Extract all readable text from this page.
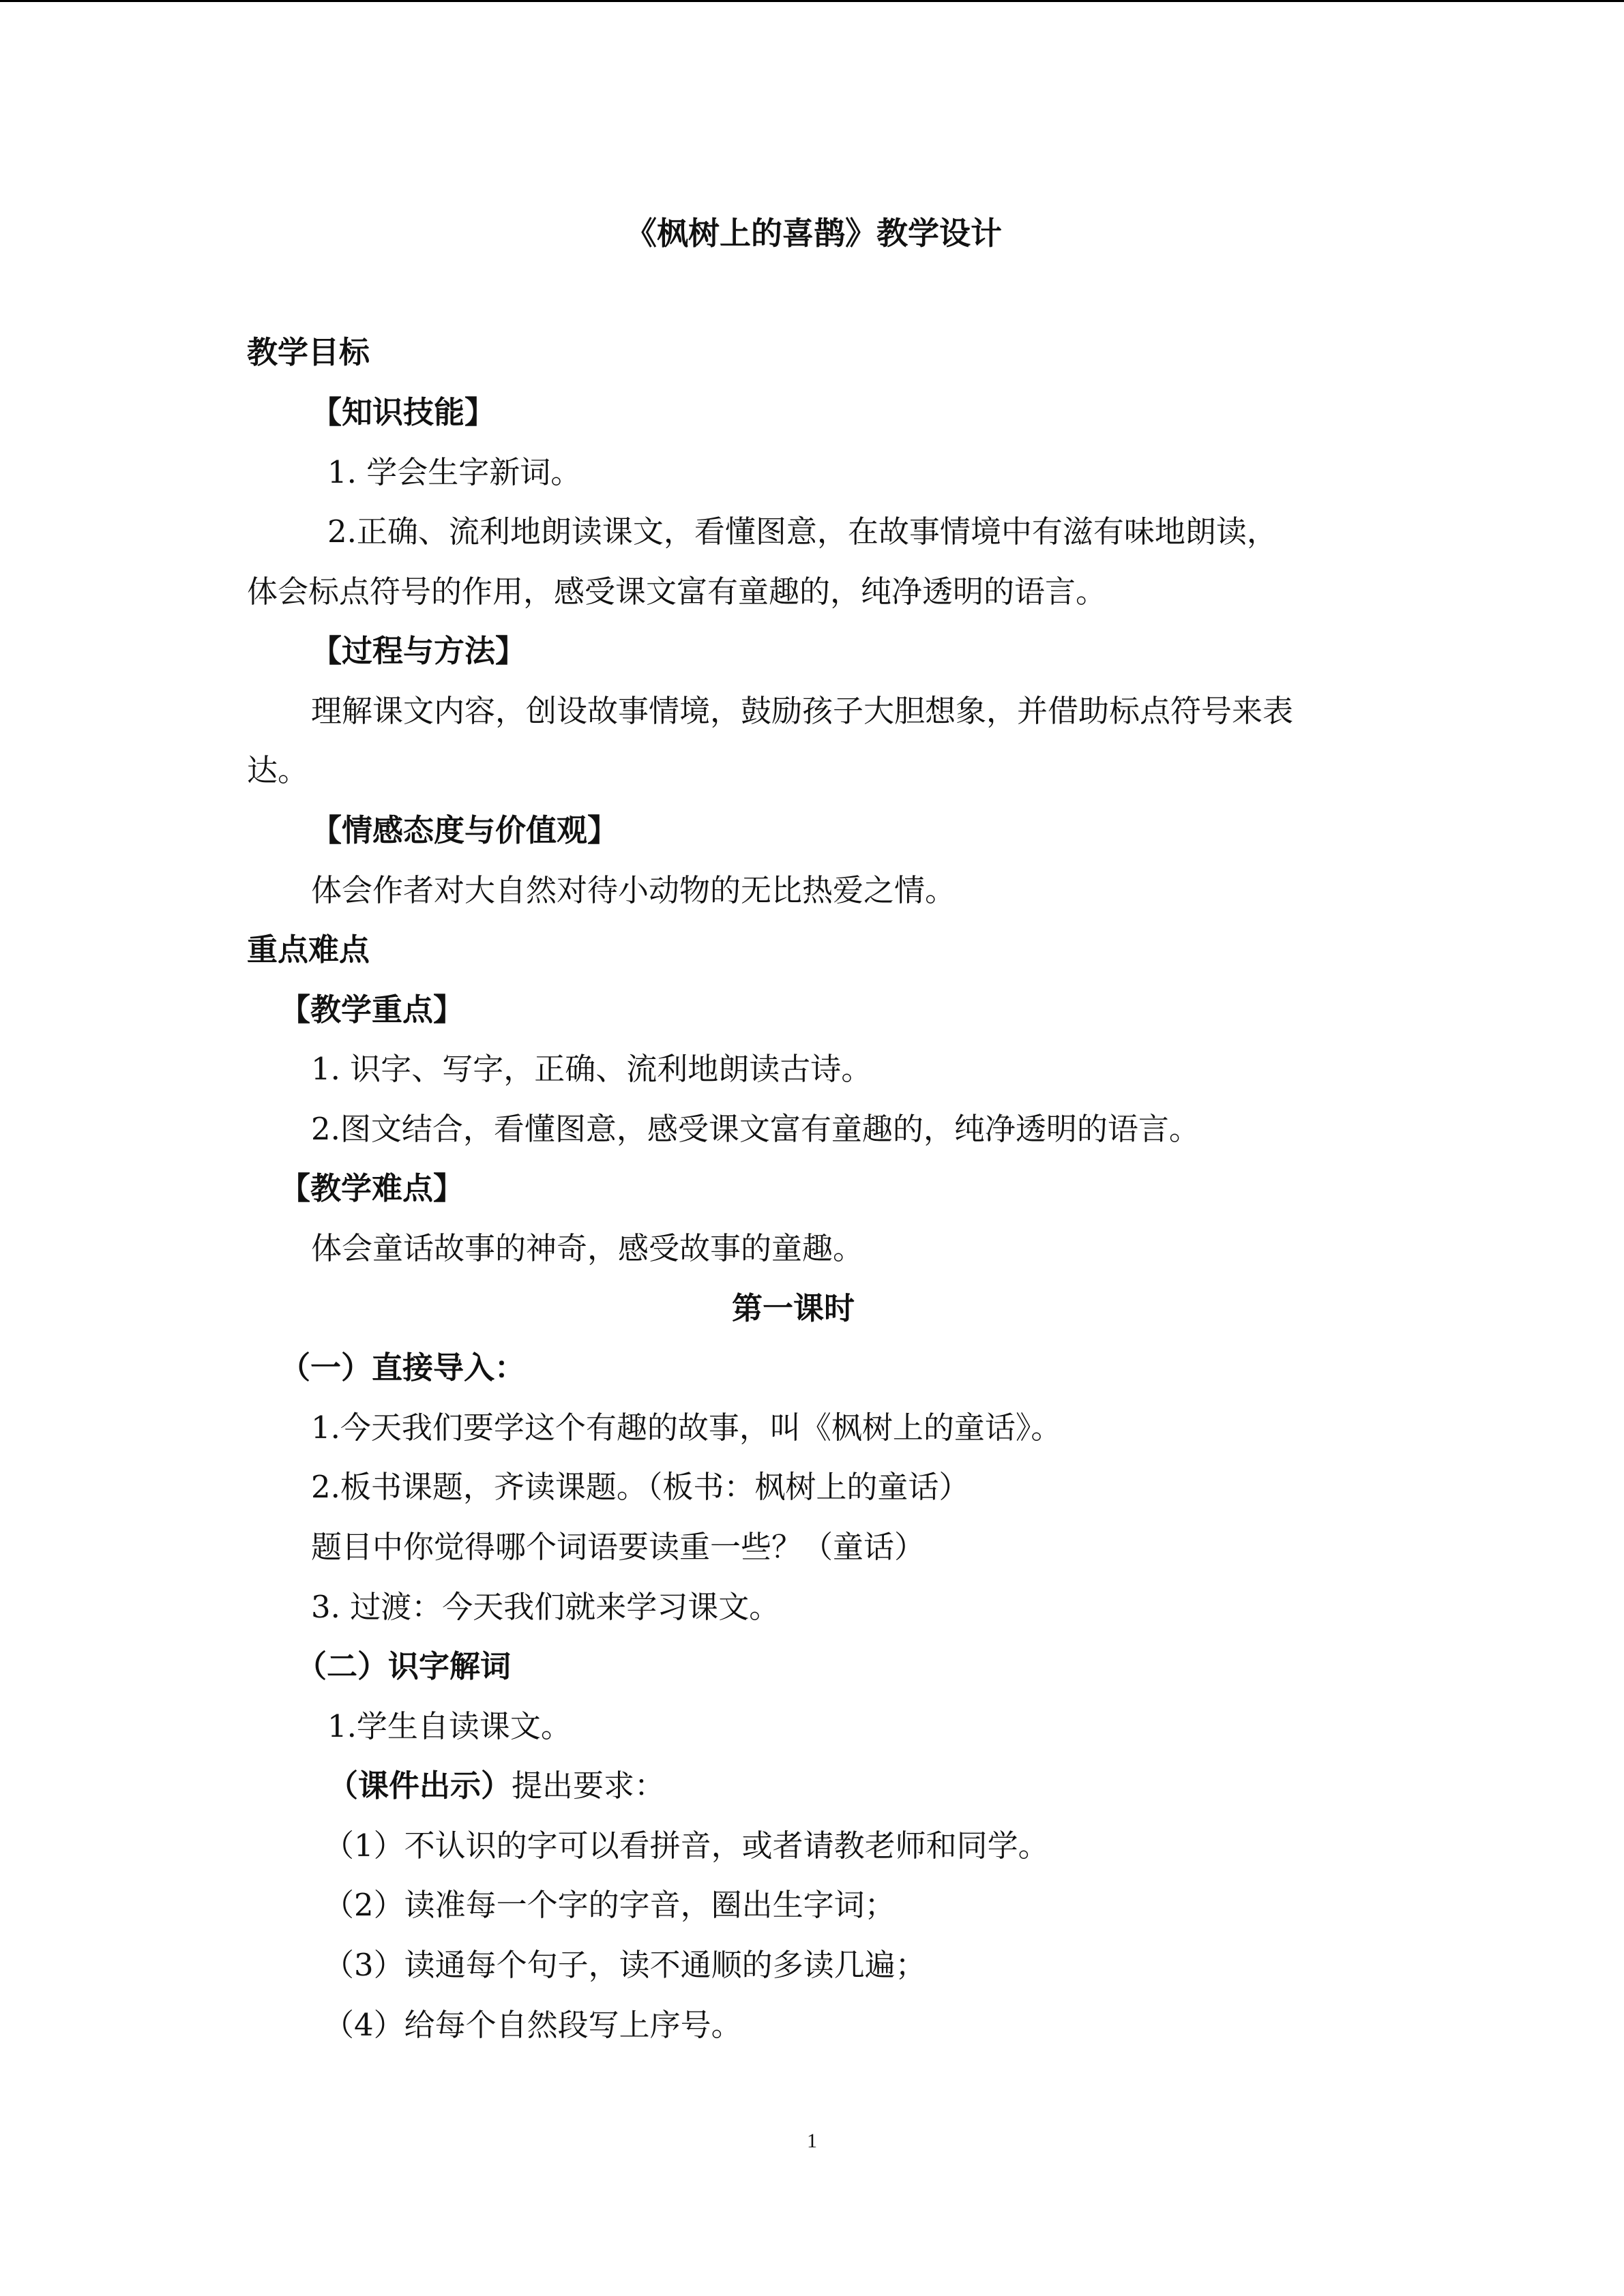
《枫树上的喜鹊》教学设计
教学目标
【知识技能】
1. 学会生字新词。
2.正确、流利地朗读课文，看懂图意，在故事情境中有滋有味地朗读，
体会标点符号的作用，感受课文富有童趣的，纯净透明的语言。
【过程与方法】
理解课文内容，创设故事情境，鼓励孩子大胆想象，并借助标点符号来表
达。
【情感态度与价值观】
体会作者对大自然对待小动物的无比热爱之情。
重点难点
【教学重点】
1. 识字、写字，正确、流利地朗读古诗。
2.图文结合，看懂图意，感受课文富有童趣的，纯净透明的语言。
【教学难点】
体会童话故事的神奇，感受故事的童趣。
第一课时
（一）直接导入：
1.今天我们要学这个有趣的故事，叫《枫树上的童话》。
2.板书课题，齐读课题。（板书：枫树上的童话）
题目中你觉得哪个词语要读重一些？（童话）
3. 过渡：今天我们就来学习课文。
（二）识字解词
1.学生自读课文。
（课件出示）提出要求：
（1）不认识的字可以看拼音，或者请教老师和同学。
（2）读准每一个字的字音，圈出生字词；
（3）读通每个句子，读不通顺的多读几遍；
（4）给每个自然段写上序号。
1
